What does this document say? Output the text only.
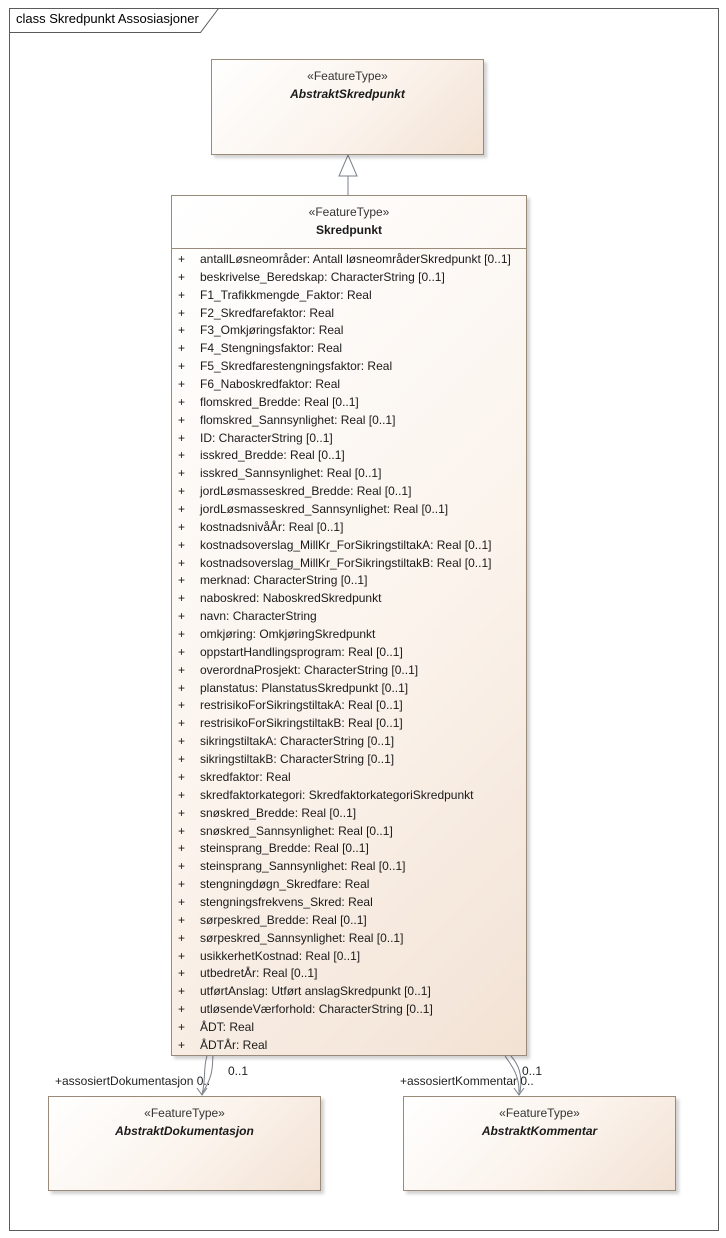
class Skredpunkt Assosiasjoner
«FeatureType»
AbstraktSkredpunkt
«FeatureType»
Skredpunkt
+ antallLøsneområder: Antall løsneområderSkredpunkt [0..1]
+ beskrivelse_Beredskap: CharacterString [0..1]
+ F1_Trafikkmengde_Faktor: Real
+ F2_Skredfarefaktor: Real
+ F3_Omkjøringsfaktor: Real
+ F4_Stengningsfaktor: Real
+ F5_Skredfarestengningsfaktor: Real
+ F6_Naboskredfaktor: Real
+ flomskred_Bredde: Real [0..1]
+ flomskred_Sannsynlighet: Real [0..1]
+ ID: CharacterString [0..1]
+ isskred_Bredde: Real [0..1]
+ isskred_Sannsynlighet: Real [0..1]
+ jordLøsmasseskred_Bredde: Real [0..1]
+ jordLøsmasseskred_Sannsynlighet: Real [0..1]
+ kostnadsnivåÅr: Real [0..1]
+ kostnadsoverslag_MillKr_ForSikringstiltakA: Real [0..1]
+ kostnadsoverslag_MillKr_ForSikringstiltakB: Real [0..1]
+ merknad: CharacterString [0..1]
+ naboskred: NaboskredSkredpunkt
+ navn: CharacterString
+ omkjøring: OmkjøringSkredpunkt
+ oppstartHandlingsprogram: Real [0..1]
+ overordnaProsjekt: CharacterString [0..1]
+ planstatus: PlanstatusSkredpunkt [0..1]
+ restrisikoForSikringstiltakA: Real [0..1]
+ restrisikoForSikringstiltakB: Real [0..1]
+ sikringstiltakA: CharacterString [0..1]
+ sikringstiltakB: CharacterString [0..1]
+ skredfaktor: Real
+ skredfaktorkategori: SkredfaktorkategoriSkredpunkt
+ snøskred_Bredde: Real [0..1]
+ snøskred_Sannsynlighet: Real [0..1]
+ steinsprang_Bredde: Real [0..1]
+ steinsprang_Sannsynlighet: Real [0..1]
+ stengningdøgn_Skredfare: Real
+ stengningsfrekvens_Skred: Real
+ sørpeskred_Bredde: Real [0..1]
+ sørpeskred_Sannsynlighet: Real [0..1]
+ usikkerhetKostnad: Real [0..1]
+ utbedretÅr: Real [0..1]
+ utførtAnslag: Utført anslagSkredpunkt [0..1]
+ utløsendeVærforhold: CharacterString [0..1]
+ ÅDT: Real
+ ÅDTÅr: Real
«FeatureType»
AbstraktDokumentasjon
«FeatureType»
AbstraktKommentar
0..1
+assosiertDokumentasjon 0..
0..1
+assosiertKommentar 0..
